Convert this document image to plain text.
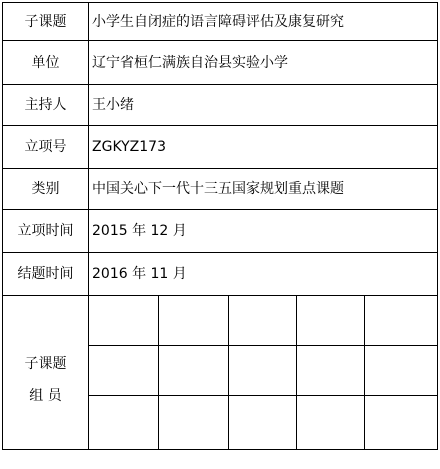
子课题	小学生自闭症的语言障碍评估及康复研究				
单位	辽宁省桓仁满族自治县实验小学				
主持人	王小绪				
立项号	ZGKYZ173				
类别	中国关心下一代十三五国家规划重点课题				
立项时间	2015 年 12 月				
结题时间	2016 年 11 月				

子课题
组 员					
